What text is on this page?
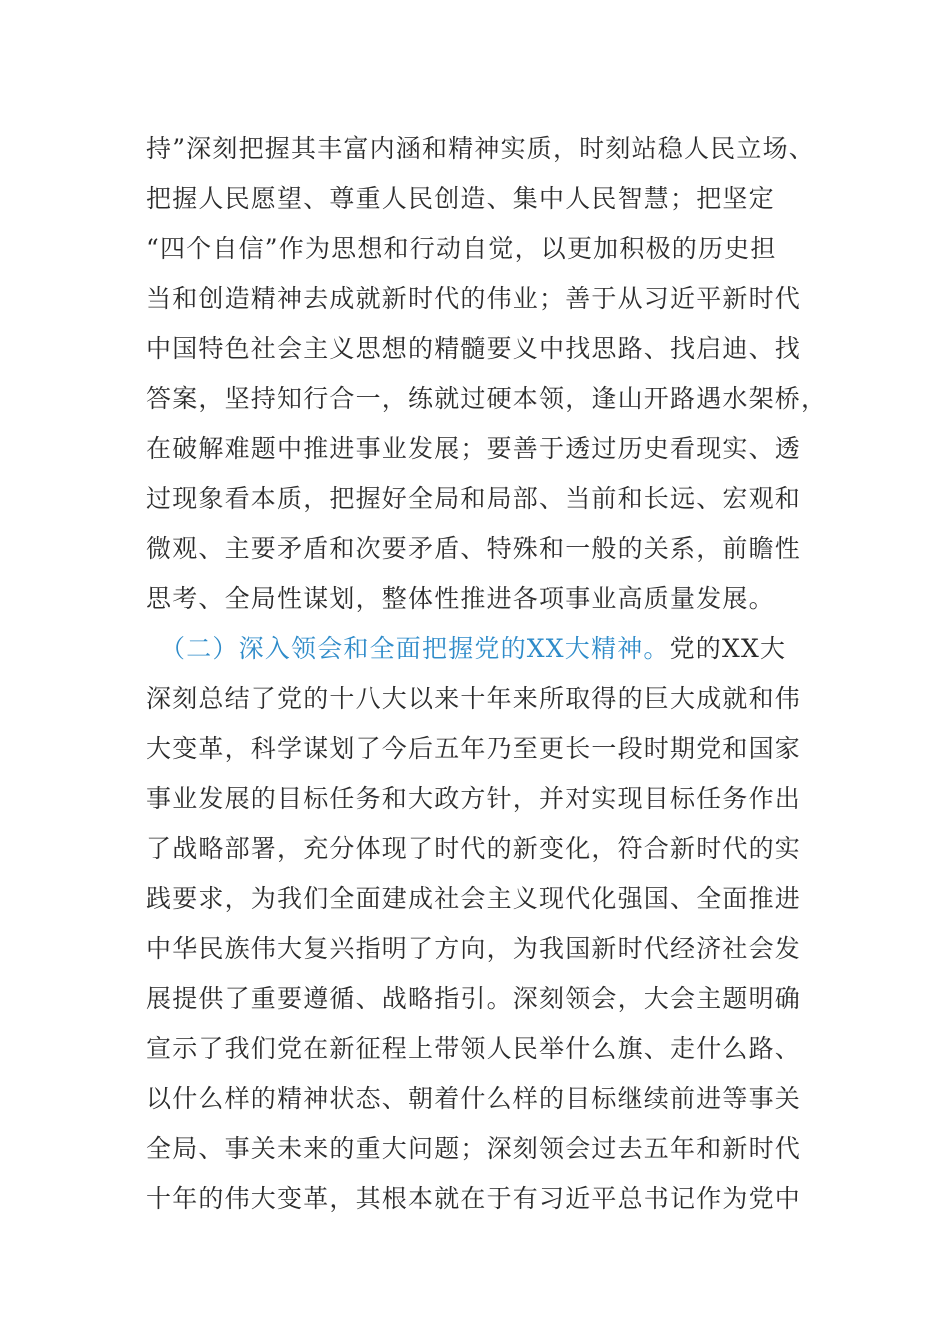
持”深刻把握其丰富内涵和精神实质，时刻站稳人民立场、
把握人民愿望、尊重人民创造、集中人民智慧；把坚定
“四个自信”作为思想和行动自觉，以更加积极的历史担
当和创造精神去成就新时代的伟业；善于从习近平新时代
中国特色社会主义思想的精髓要义中找思路、找启迪、找
答案，坚持知行合一，练就过硬本领，逢山开路遇水架桥，
在破解难题中推进事业发展；要善于透过历史看现实、透
过现象看本质，把握好全局和局部、当前和长远、宏观和
微观、主要矛盾和次要矛盾、特殊和一般的关系，前瞻性
思考、全局性谋划，整体性推进各项事业高质量发展。
（二）深入领会和全面把握党的XX大精神。党的XX大
深刻总结了党的十八大以来十年来所取得的巨大成就和伟
大变革，科学谋划了今后五年乃至更长一段时期党和国家
事业发展的目标任务和大政方针，并对实现目标任务作出
了战略部署，充分体现了时代的新变化，符合新时代的实
践要求，为我们全面建成社会主义现代化强国、全面推进
中华民族伟大复兴指明了方向，为我国新时代经济社会发
展提供了重要遵循、战略指引。深刻领会，大会主题明确
宣示了我们党在新征程上带领人民举什么旗、走什么路、
以什么样的精神状态、朝着什么样的目标继续前进等事关
全局、事关未来的重大问题；深刻领会过去五年和新时代
十年的伟大变革，其根本就在于有习近平总书记作为党中
